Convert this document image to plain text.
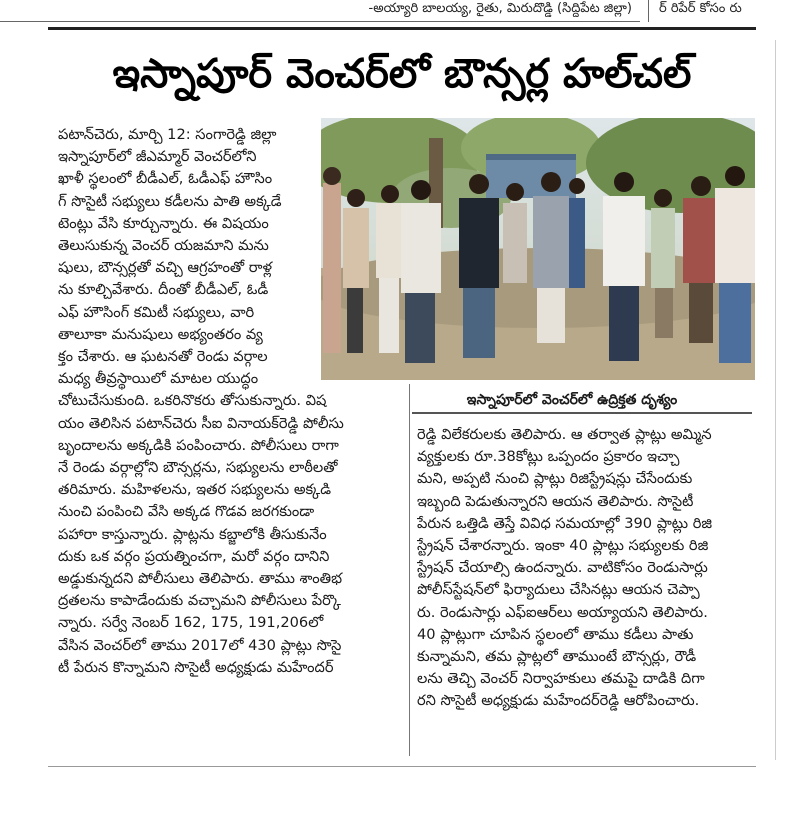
-అయ్యారి బాలయ్య, రైతు, మిరుదొడ్డి (సిద్దిపేట జిల్లా)	ర్ రిపేర్ కోసం రు
ఇస్నాపూర్ వెంచర్‌లో బౌన్సర్ల హల్‌చల్

పటాన్‌చెరు, మార్చి 12: సంగారెడ్డి జిల్లా

ఇస్నాపూర్‌లో జీఎమ్మార్ వెంచర్‌లోని

ఖాళీ స్థలంలో బీడీఎల్, ఓడీఎఫ్ హౌసిం

గ్ సొసైటీ సభ్యులు కడీలను పాతి అక్కడే

టెంట్లు వేసి కూర్చున్నారు. ఈ విషయం

తెలుసుకున్న వెంచర్ యజమాని మను

షులు, బౌన్సర్లతో వచ్చి ఆగ్రహంతో రాళ్ల

ను కూల్చివేశారు. దీంతో బీడీఎల్, ఓడీ

ఎఫ్ హౌసింగ్ కమిటీ సభ్యులు, వారి

తాలూకా మనుషులు అభ్యంతరం వ్య

క్తం చేశారు. ఆ ఘటనతో రెండు వర్గాల

మధ్య తీవ్రస్థాయిలో మాటల యుద్ధం

చోటుచేసుకుంది. ఒకరినొకరు తోసుకున్నారు. విష

యం తెలిసిన పటాన్‌చెరు సీఐ వినాయక్‌రెడ్డి పోలీసు

బృందాలను అక్కడికి పంపించారు. పోలీసులు రాగా

నే రెండు వర్గాల్లోని బౌన్సర్లను, సభ్యులను లాఠీలతో

తరిమారు. మహిళలను, ఇతర సభ్యులను అక్కడి

నుంచి పంపించి వేసి అక్కడ గొడవ జరగకుండా

పహారా కాస్తున్నారు. ప్లాట్లను కబ్జాలోకి తీసుకునేం

దుకు ఒక వర్గం ప్రయత్నించగా, మరో వర్గం దానిని

అడ్డుకున్నదని పోలీసులు తెలిపారు. తాము శాంతిభ

ద్రతలను కాపాడేందుకు వచ్చామని పోలీసులు పేర్కొ

న్నారు. సర్వే నెంబర్ 162, 175, 191,206లో

వేసిన వెంచర్‌లో తాము 2017లో 430 ప్లాట్లు సొసై

టీ పేరున కొన్నామని సొసైటీ అధ్యక్షుడు మహేందర్

ఇస్నాపూర్‌లో వెంచర్‌లో ఉద్రిక్తత దృశ్యం

రెడ్డి విలేకరులకు తెలిపారు. ఆ తర్వాత ప్లాట్లు అమ్మిన

వ్యక్తులకు రూ.38కోట్లు ఒప్పందం ప్రకారం ఇచ్చా

మని, అప్పటి నుంచి ప్లాట్లు రిజిస్ట్రేషన్లు చేసేందుకు

ఇబ్బంది పెడుతున్నారని ఆయన తెలిపారు. సొసైటీ

పేరున ఒత్తిడి తెస్తే వివిధ సమయాల్లో 390 ప్లాట్లు రిజి

స్ట్రేషన్ చేశారన్నారు. ఇంకా 40 ప్లాట్లు సభ్యులకు రిజి

స్ట్రేషన్ చేయాల్సి ఉందన్నారు. వాటికోసం రెండుసార్లు

పోలీస్‌స్టేషన్‌లో ఫిర్యాదులు చేసినట్లు ఆయన చెప్పా

రు. రెండుసార్లు ఎఫ్‌ఐఆర్‌లు అయ్యాయని తెలిపారు.

40 ప్లాట్లుగా చూపిన స్థలంలో తాము కడీలు పాతు

కున్నామని, తమ ప్లాట్లలో తాముంటే బౌన్సర్లు, రౌడీ

లను తెచ్చి వెంచర్ నిర్వాహకులు తమపై దాడికి దిగా

రని సొసైటీ అధ్యక్షుడు మహేందర్‌రెడ్డి ఆరోపించారు.
